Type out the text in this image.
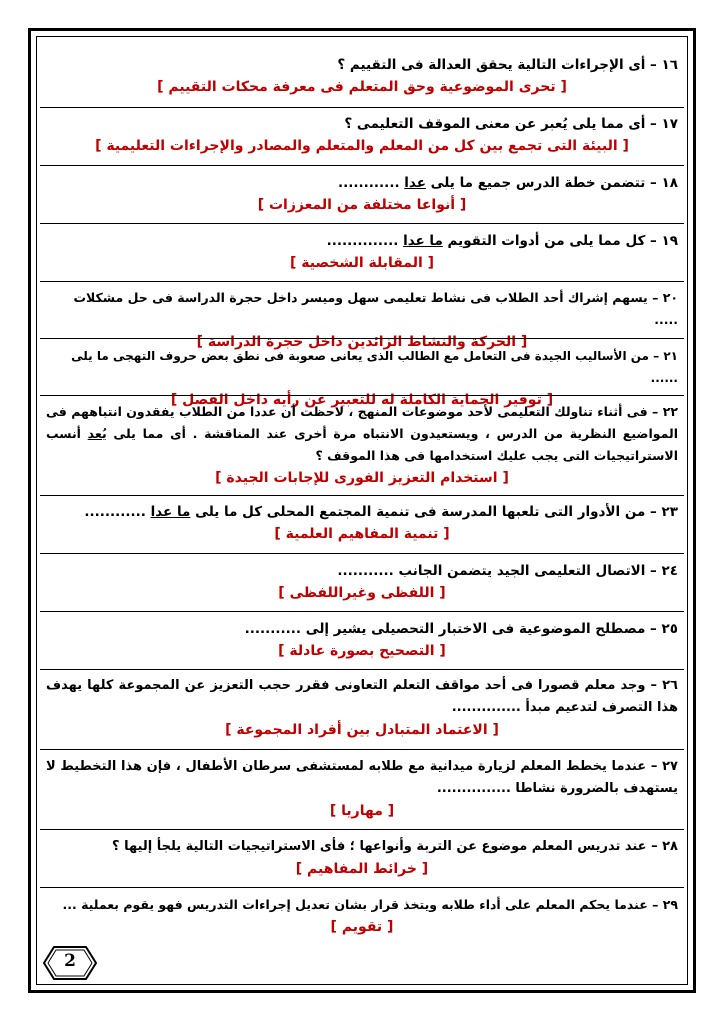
١٦ – أى الإجراءات التالية يحقق العدالة فى التقييم ؟
[ تحرى الموضوعية وحق المتعلم فى معرفة محكات التقييم ]
١٧ – أى مما يلى يُعبر عن معنى الموقف التعليمى ؟
[ البيئة التى تجمع بين كل من المعلم والمتعلم والمصادر والإجراءات التعليمية ]
١٨ – تتضمن خطة الدرس جميع ما يلى عدا ............
[ أنواعا مختلفة من المعززات ]
١٩ – كل مما يلى من أدوات التقويم ما عدا ..............
[ المقابلة الشخصية ]
٢٠ – يسهم إشراك أحد الطلاب فى نشاط تعليمى سهل وميسر داخل حجرة الدراسة فى حل مشكلات .....
[ الحركة والنشاط الزائدين داخل حجرة الدراسة ]
٢١ – من الأساليب الجيدة فى التعامل مع الطالب الذى يعانى صعوبة فى نطق بعض حروف التهجى ما يلى ......
[ توفير الحماية الكاملة له للتعبير عن رأيه داخل الفصل ]
٢٢ – فى أثناء تناولك التعليمى لأحد موضوعات المنهج ، لاحظت أن عددا من الطلاب يفقدون انتباههم فى المواضيع النظرية من الدرس ، ويستعيدون الانتباه مرة أخرى عند المناقشة . أى مما يلى يُعد أنسب الاستراتيجيات التى يجب عليك استخدامها فى هذا الموقف ؟
[ استخدام التعزيز الفورى للإجابات الجيدة ]
٢٣ – من الأدوار التى تلعبها المدرسة فى تنمية المجتمع المحلى كل ما يلى ما عدا ............
[ تنمية المفاهيم العلمية ]
٢٤ – الاتصال التعليمى الجيد يتضمن الجانب ...........
[ اللفظى وغيراللفظى ]
٢٥ – مصطلح الموضوعية فى الاختبار التحصيلى يشير إلى ...........
[ التصحيح بصورة عادلة ]
٢٦ – وجد معلم قصورا فى أحد مواقف التعلم التعاونى فقرر حجب التعزيز عن المجموعة كلها يهدف هذا التصرف لتدعيم مبدأ ..............
[ الاعتماد المتبادل بين أفراد المجموعة ]
٢٧ – عندما يخطط المعلم لزيارة ميدانية مع طلابه لمستشفى سرطان الأطفال ، فإن هذا التخطيط لا يستهدف بالضرورة نشاطا ...............
[ مهاريا ]
٢٨ – عند تدريس المعلم موضوع عن التربة وأنواعها ؛ فأى الاستراتيجيات التالية يلجأ إليها ؟
[ خرائط المفاهيم ]
٢٩ – عندما يحكم المعلم على أداء طلابه ويتخذ قرار بشان تعديل إجراءات التدريس فهو يقوم بعملية ...
[ تقويم ]
2
